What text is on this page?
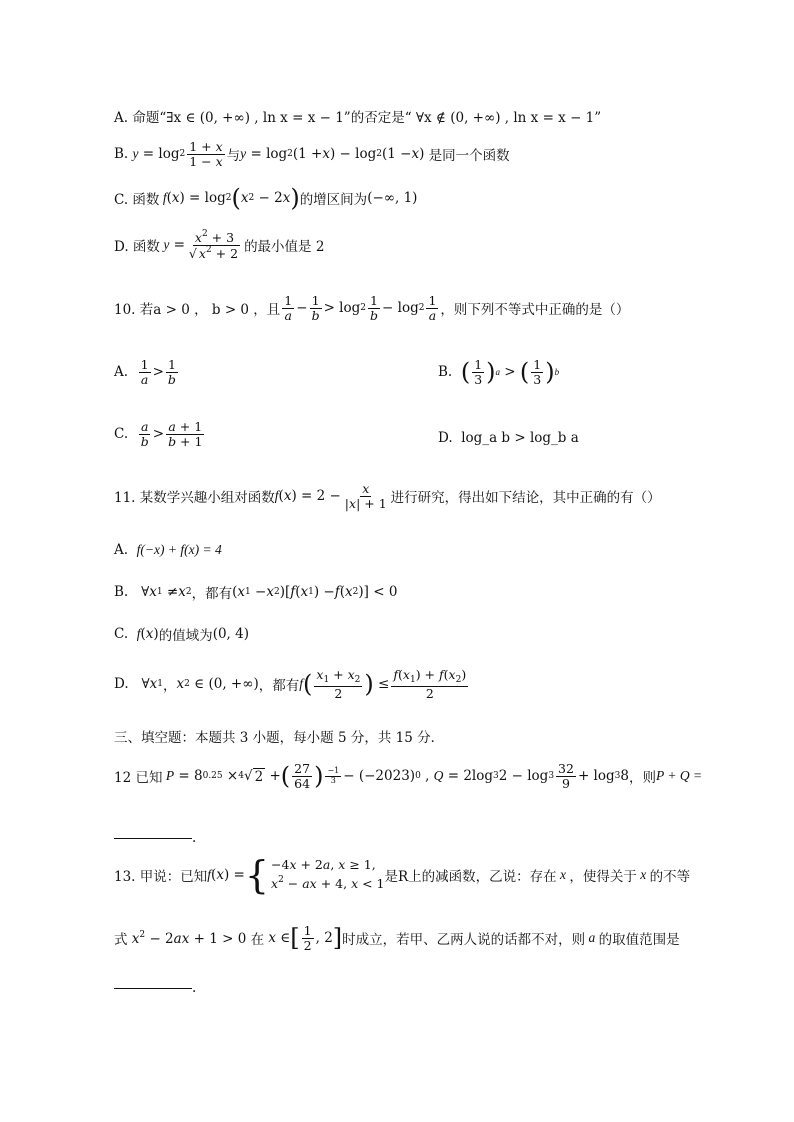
A. 命题“∃x ∈ (0, +∞) , ln x = x − 1”的否定是“ ∀x ∉ (0, +∞) , ln x = x − 1”
B.
$y = \log 2 \frac{1 + x}{1 - x}$ 与 y = log 2 (1 + x ) − log 2 (1 − x ) 是同一个函数
C. 函数 f ( x ) = log 2 ( x 2 − 2 x ) 的增区间为 (−∞, 1)
D. 函数 $y = \frac{x^2 + 3}{√ x^2 + 2}$ 的最小值是 2
10. 若 a > 0 ， b > 0 ，且 $\frac{1}{a} - \frac{1}{b} > \log 2 \frac{1}{b} - \log 2 \frac{1}{a}$ ，则下列不等式中正确的是（）
A.
$\frac{1}{a} > \frac{1}{b}$	B.
( $\frac{1}{3}$ ) a > ( $\frac{1}{3}$ ) b
C.
$\frac{a}{b} > \frac{a + 1}{b + 1}$	D.
log_a b > log_b a
11. 某数学兴趣小组对函数 f ( x ) = $2 - \frac{x}{|x| + 1}$ 进行研究，得出如下结论，其中正确的有（）
A.
f(−x) + f(x) = 4
B. ∀ x 1 ≠ x 2 ，都有 ( x 1 − x 2 )[ f ( x 1 ) − f ( x 2 )] < 0
C.
f ( x ) 的值域为 (0, 4)
D. ∀ x 1 ， x 2 ∈ (0, +∞) ，都有 f ( $\frac{x_1 + x_2}{2}$ ) ≤ $\frac{f(x_1) + f(x_2)}{2}$
三、填空题：本题共 3 小题，每小题 5 分，共 15 分．
12 已知 P = 8 0.25 × 4 √ 2 + ( $\frac{27}{64}$ ) $\frac{-1}{3} - (-2023)$ 0 , Q = 2log 3 $2 - \log 3 \frac{32}{9} + \log 3$ 8 ，则 P + Q =
.
13. 甲说：已知 f ( x ) = { −4x + 2a, x ≥ 1,
$x^2$ − ax + 4, x < 1 是R上的减函数，乙说：存在 x ，使得关于 x 的不等
式 $x^2 - 2ax + 1 > 0$ 在 x ∈ [ $\frac{1}{2}$ , 2 ] 时成立，若甲、乙两人说的话都不对，则 a 的取值范围是
.
